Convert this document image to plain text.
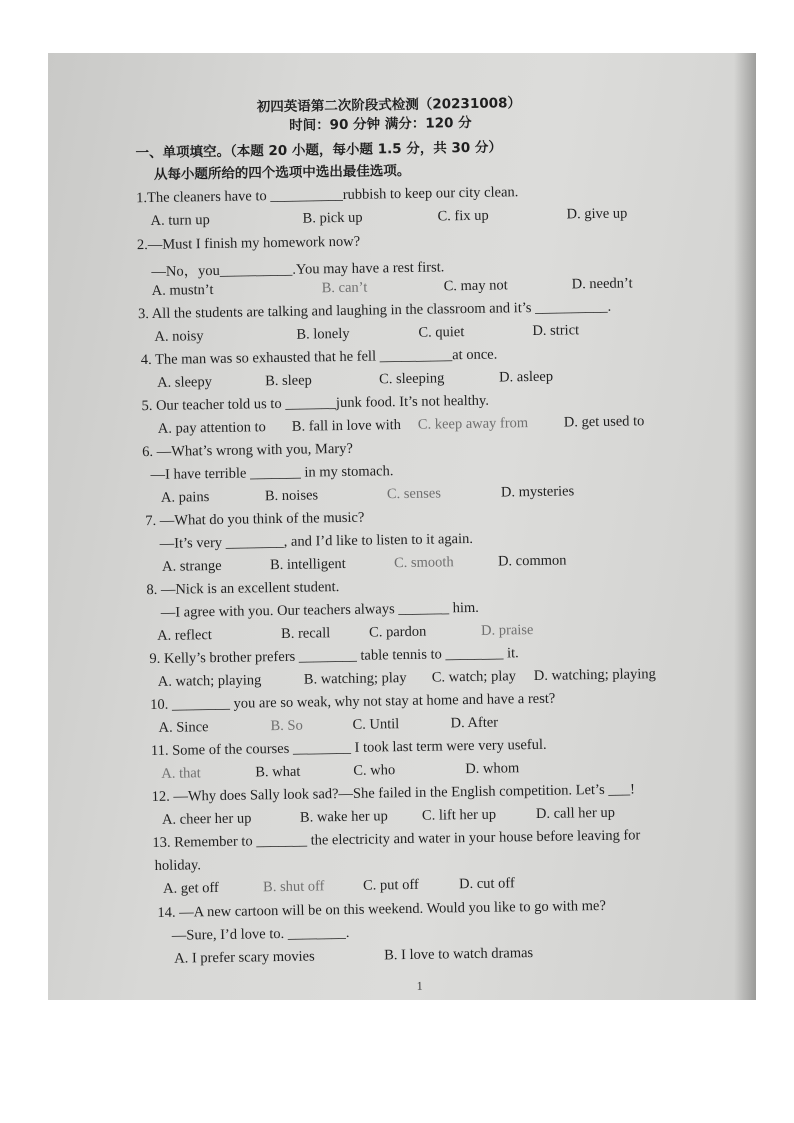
初四英语第二次阶段式检测（20231008）
时间：90 分钟 满分：120 分
一、单项填空。（本题 20 小题，每小题 1.5 分，共 30 分）
从每小题所给的四个选项中选出最佳选项。
1.The cleaners have to __________rubbish to keep our city clean.
A. turn up	B. pick up	C. fix up	D. give up
2.—Must I finish my homework now?
—No，you__________.You may have a rest first.
A. mustn’t	B. can’t	C. may not	D. needn’t
3. All the students are talking and laughing in the classroom and it’s __________.
A. noisy	B. lonely	C. quiet	D. strict
4. The man was so exhausted that he fell __________at once.
A. sleepy	B. sleep	C. sleeping	D. asleep
5. Our teacher told us to _______junk food. It’s not healthy.
A. pay attention to B. fall in love with C. keep away from D. get used to
6. —What’s wrong with you, Mary?
—I have terrible _______ in my stomach.
A. pains	B. noises	C. senses	D. mysteries
7. —What do you think of the music?
—It’s very ________, and I’d like to listen to it again.
A. strange	B. intelligent	C. smooth	D. common
8. —Nick is an excellent student.
—I agree with you. Our teachers always _______ him.
A. reflect	B. recall	C. pardon	D. praise
9. Kelly’s brother prefers ________ table tennis to ________ it.
A. watch; playing	B. watching; play C. watch; play D. watching; playing
10. ________ you are so weak, why not stay at home and have a rest?
A. Since	B. So	C. Until	D. After
11. Some of the courses ________ I took last term were very useful.
A. that	B. what	C. who	D. whom
12. —Why does Sally look sad?—She failed in the English competition. Let’s ___!
A. cheer her up	B. wake her up C. lift her up	D. call her up
13. Remember to _______ the electricity and water in your house before leaving for
holiday.
A. get off	B. shut off	C. put off	D. cut off
14. —A new cartoon will be on this weekend. Would you like to go with me?
—Sure, I’d love to. ________.
A. I prefer scary movies	B. I love to watch dramas
1
